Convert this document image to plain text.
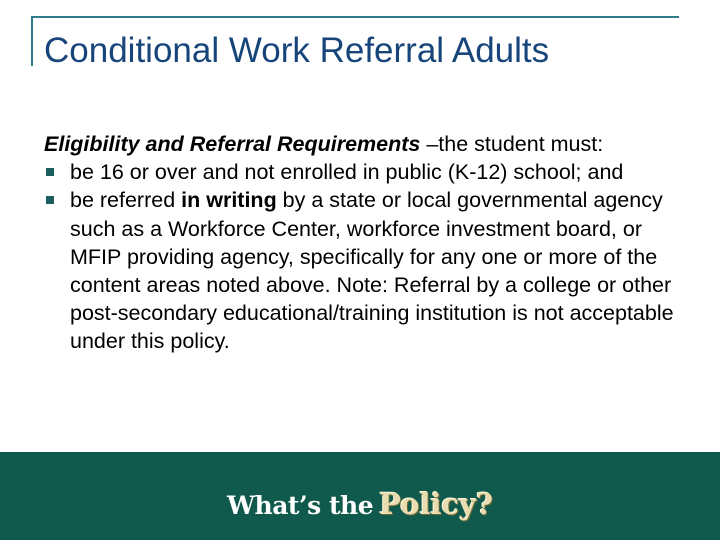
Conditional Work Referral Adults

Eligibility and Referral Requirements –the student must:

be 16 or over and not enrolled in public (K-12) school; and
be referred in writing by a state or local governmental agency such as a Workforce Center, workforce investment board, or MFIP providing agency, specifically for any one or more of the content areas noted above. Note: Referral by a college or other post-secondary educational/training institution is not acceptable under this policy.
What’s the Policy?
